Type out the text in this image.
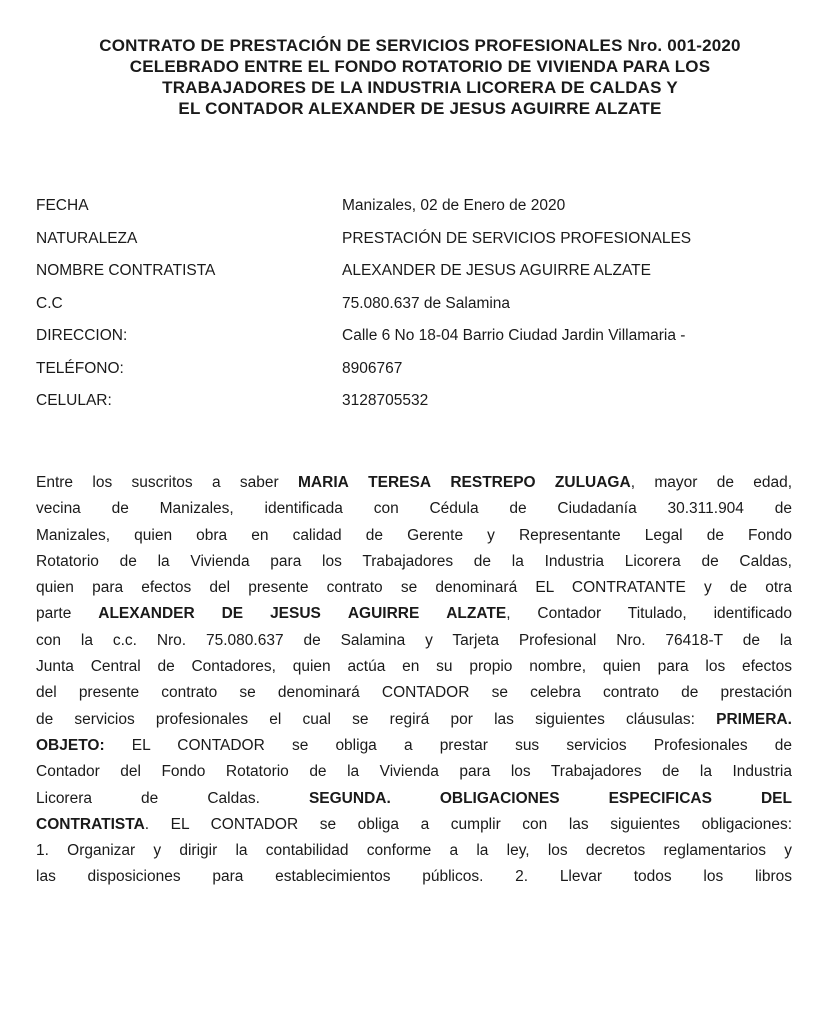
CONTRATO DE PRESTACIÓN DE SERVICIOS PROFESIONALES Nro. 001-2020
CELEBRADO ENTRE EL FONDO ROTATORIO DE VIVIENDA PARA LOS
TRABAJADORES DE LA INDUSTRIA LICORERA DE CALDAS Y
EL CONTADOR ALEXANDER DE JESUS AGUIRRE ALZATE
FECHA	Manizales, 02 de Enero de 2020
NATURALEZA	PRESTACIÓN DE SERVICIOS PROFESIONALES
NOMBRE CONTRATISTA	ALEXANDER DE JESUS AGUIRRE ALZATE
C.C	75.080.637 de Salamina
DIRECCION:	Calle 6 No 18-04 Barrio Ciudad Jardin Villamaria -
TELÉFONO:	8906767
CELULAR:	3128705532
Entre los suscritos a saber MARIA TERESA RESTREPO ZULUAGA, mayor de edad,
vecina de Manizales, identificada con Cédula de Ciudadanía 30.311.904 de
Manizales, quien obra en calidad de Gerente y Representante Legal de Fondo
Rotatorio de la Vivienda para los Trabajadores de la Industria Licorera de Caldas,
quien para efectos del presente contrato se denominará EL CONTRATANTE y de otra
parte ALEXANDER DE JESUS AGUIRRE ALZATE, Contador Titulado, identificado
con la c.c. Nro. 75.080.637 de Salamina y Tarjeta Profesional Nro. 76418-T de la
Junta Central de Contadores, quien actúa en su propio nombre, quien para los efectos
del presente contrato se denominará CONTADOR se celebra contrato de prestación
de servicios profesionales el cual se regirá por las siguientes cláusulas: PRIMERA.
OBJETO: EL CONTADOR se obliga a prestar sus servicios Profesionales de
Contador del Fondo Rotatorio de la Vivienda para los Trabajadores de la Industria
Licorera	de	Caldas.	SEGUNDA.	OBLIGACIONES	ESPECIFICAS	DEL
CONTRATISTA. EL CONTADOR se obliga a cumplir con las siguientes obligaciones:
1. Organizar y dirigir la contabilidad conforme a la ley, los decretos reglamentarios y
las disposiciones para establecimientos públicos. 2. Llevar todos los libros
